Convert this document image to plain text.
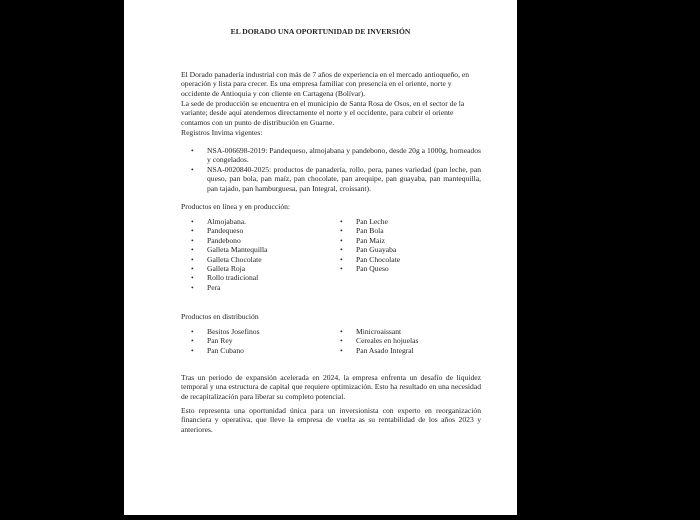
EL DORADO UNA OPORTUNIDAD DE INVERSIÓN

El Dorado panadería industrial con más de 7 años de experiencia en el mercado antioqueño, en operación y lista para crecer. Es una empresa familiar con presencia en el oriente, norte y occidente de Antioquia y con cliente en Cartagena (Bolívar).

La sede de producción se encuentra en el municipio de Santa Rosa de Osos, en el sector de la variante; desde aquí atendemos directamente el norte y el occidente, para cubrir el oriente contamos con un punto de distribución en Guarne.

Registros Invima vigentes:

• NSA-006698-2019: Pandequeso, almojabana y pandebono, desde 20g a 1000g, horneados y congelados.
• NSA-0020840-2025: productos de panadería, rollo, pera, panes variedad (pan leche, pan queso, pan bola, pan maíz, pan chocolate, pan arequipe, pan guayaba, pan mantequilla, pan tajado, pan hamburguesa, pan Integral, croissant).

Productos en línea y en producción:

• Almojabana.
• Pandequeso
• Pandebono
• Galleta Mantequilla
• Galleta Chocolate
• Galleta Roja
• Rollo tradicional
• Pera
• Pan Leche
• Pan Bola
• Pan Maiz
• Pan Guayaba
• Pan Chocolate
• Pan Queso

Productos en distribución

• Besitos Josefinos
• Pan Rey
• Pan Cubano
• Minicroaissant
• Cereales en hojuelas
• Pan Asado Integral

Tras un periodo de expansión acelerada en 2024, la empresa enfrenta un desafío de liquidez temporal y una estructura de capital que requiere optimización. Esto ha resultado en una necesidad de recapitalización para liberar su completo potencial.

Esto representa una oportunidad única para un inversionista con experto en reorganización financiera y operativa, que lleve la empresa de vuelta as su rentabilidad de los años 2023 y anteriores.
